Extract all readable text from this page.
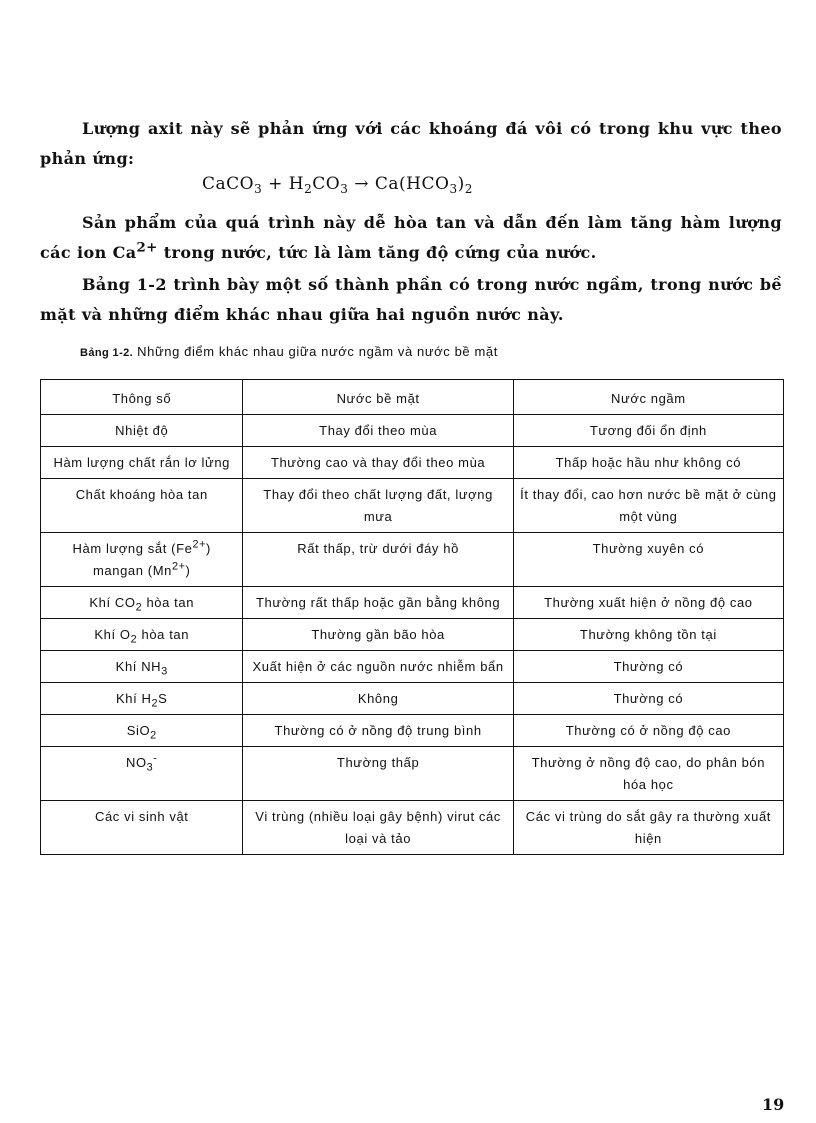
Lượng axit này sẽ phản ứng với các khoáng đá vôi có trong khu vực theo phản ứng:
CaCO$_3$ + $H_2CO_3 \to Ca(HCO_3)_2$
Sản phẩm của quá trình này dễ hòa tan và dẫn đến làm tăng hàm lượng các ion $Ca^{2+}$ trong nước, tức là làm tăng độ cứng của nước.
Bảng 1-2 trình bày một số thành phần có trong nước ngầm, trong nước bề mặt và những điểm khác nhau giữa hai nguồn nước này.
Bảng 1-2. Những điểm khác nhau giữa nước ngầm và nước bề mặt
Thông số	Nước bề mặt	Nước ngầm
Nhiệt độ	Thay đổi theo mùa	Tương đối ổn định
Hàm lượng chất rắn lơ lửng	Thường cao và thay đổi theo mùa	Thấp hoặc hầu như không có
Chất khoáng hòa tan	Thay đổi theo chất lượng đất, lượng mưa	Ít thay đổi, cao hơn nước bề mặt ở cùng một vùng
Hàm lượng sắt $(Fe^{2+})$ mangan $(Mn^{2+})$	Rất thấp, trừ dưới đáy hồ	Thường xuyên có
Khí $CO_2$ hòa tan	Thường rất thấp hoặc gần bằng không	Thường xuất hiện ở nồng độ cao
Khí $O_2$ hòa tan	Thường gần bão hòa	Thường không tồn tại
Khí $NH_3$	Xuất hiện ở các nguồn nước nhiễm bẩn	Thường có
Khí $H_2S$	Không	Thường có
SiO$_2$	Thường có ở nồng độ trung bình	Thường có ở nồng độ cao
$NO_3^-$	Thường thấp	Thường ở nồng độ cao, do phân bón hóa học
Các vi sinh vật	Vi trùng (nhiều loại gây bệnh) virut các loại và tảo	Các vi trùng do sắt gây ra thường xuất hiện
19
